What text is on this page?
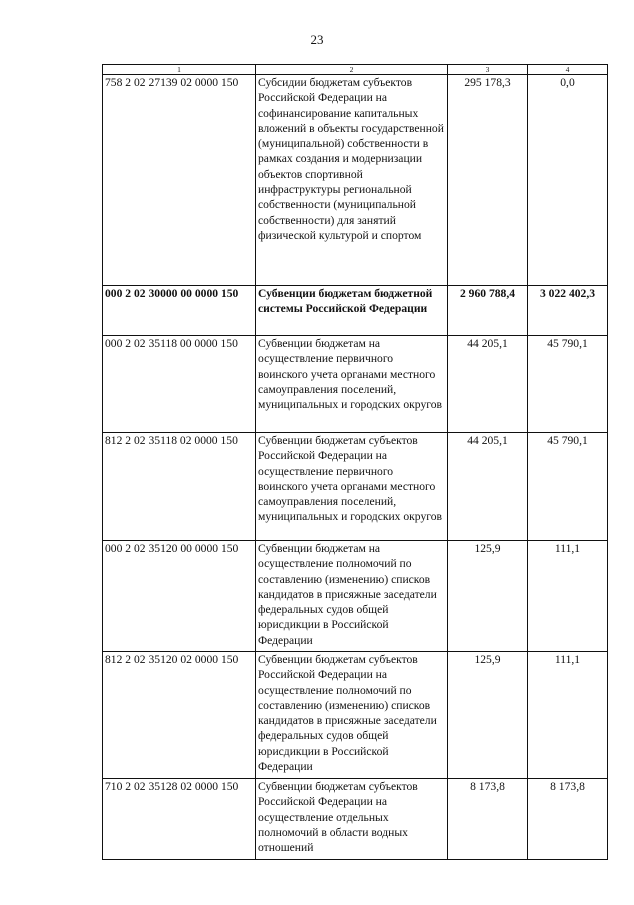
23
1	2	3	4
758 2 02 27139 02 0000 150	Субсидии бюджетам субъектов Российской Федерации на софинансирование капитальных вложений в объекты государственной (муниципальной) собственности в рамках создания и модернизации объектов спортивной инфраструктуры региональной собственности (муниципальной собственности) для занятий физической культурой и спортом	295 178,3	0,0
000 2 02 30000 00 0000 150	Субвенции бюджетам бюджетной системы Российской Федерации	2 960 788,4	3 022 402,3
000 2 02 35118 00 0000 150	Субвенции бюджетам на осуществление первичного воинского учета органами местного самоуправления поселений, муниципальных и городских округов	44 205,1	45 790,1
812 2 02 35118 02 0000 150	Субвенции бюджетам субъектов Российской Федерации на осуществление первичного воинского учета органами местного самоуправления поселений, муниципальных и городских округов	44 205,1	45 790,1
000 2 02 35120 00 0000 150	Субвенции бюджетам на осуществление полномочий по составлению (изменению) списков кандидатов в присяжные заседатели федеральных судов общей юрисдикции в Российской Федерации	125,9	111,1
812 2 02 35120 02 0000 150	Субвенции бюджетам субъектов Российской Федерации на осуществление полномочий по составлению (изменению) списков кандидатов в присяжные заседатели федеральных судов общей юрисдикции в Российской Федерации	125,9	111,1
710 2 02 35128 02 0000 150	Субвенции бюджетам субъектов Российской Федерации на осуществление отдельных полномочий в области водных отношений	8 173,8	8 173,8
